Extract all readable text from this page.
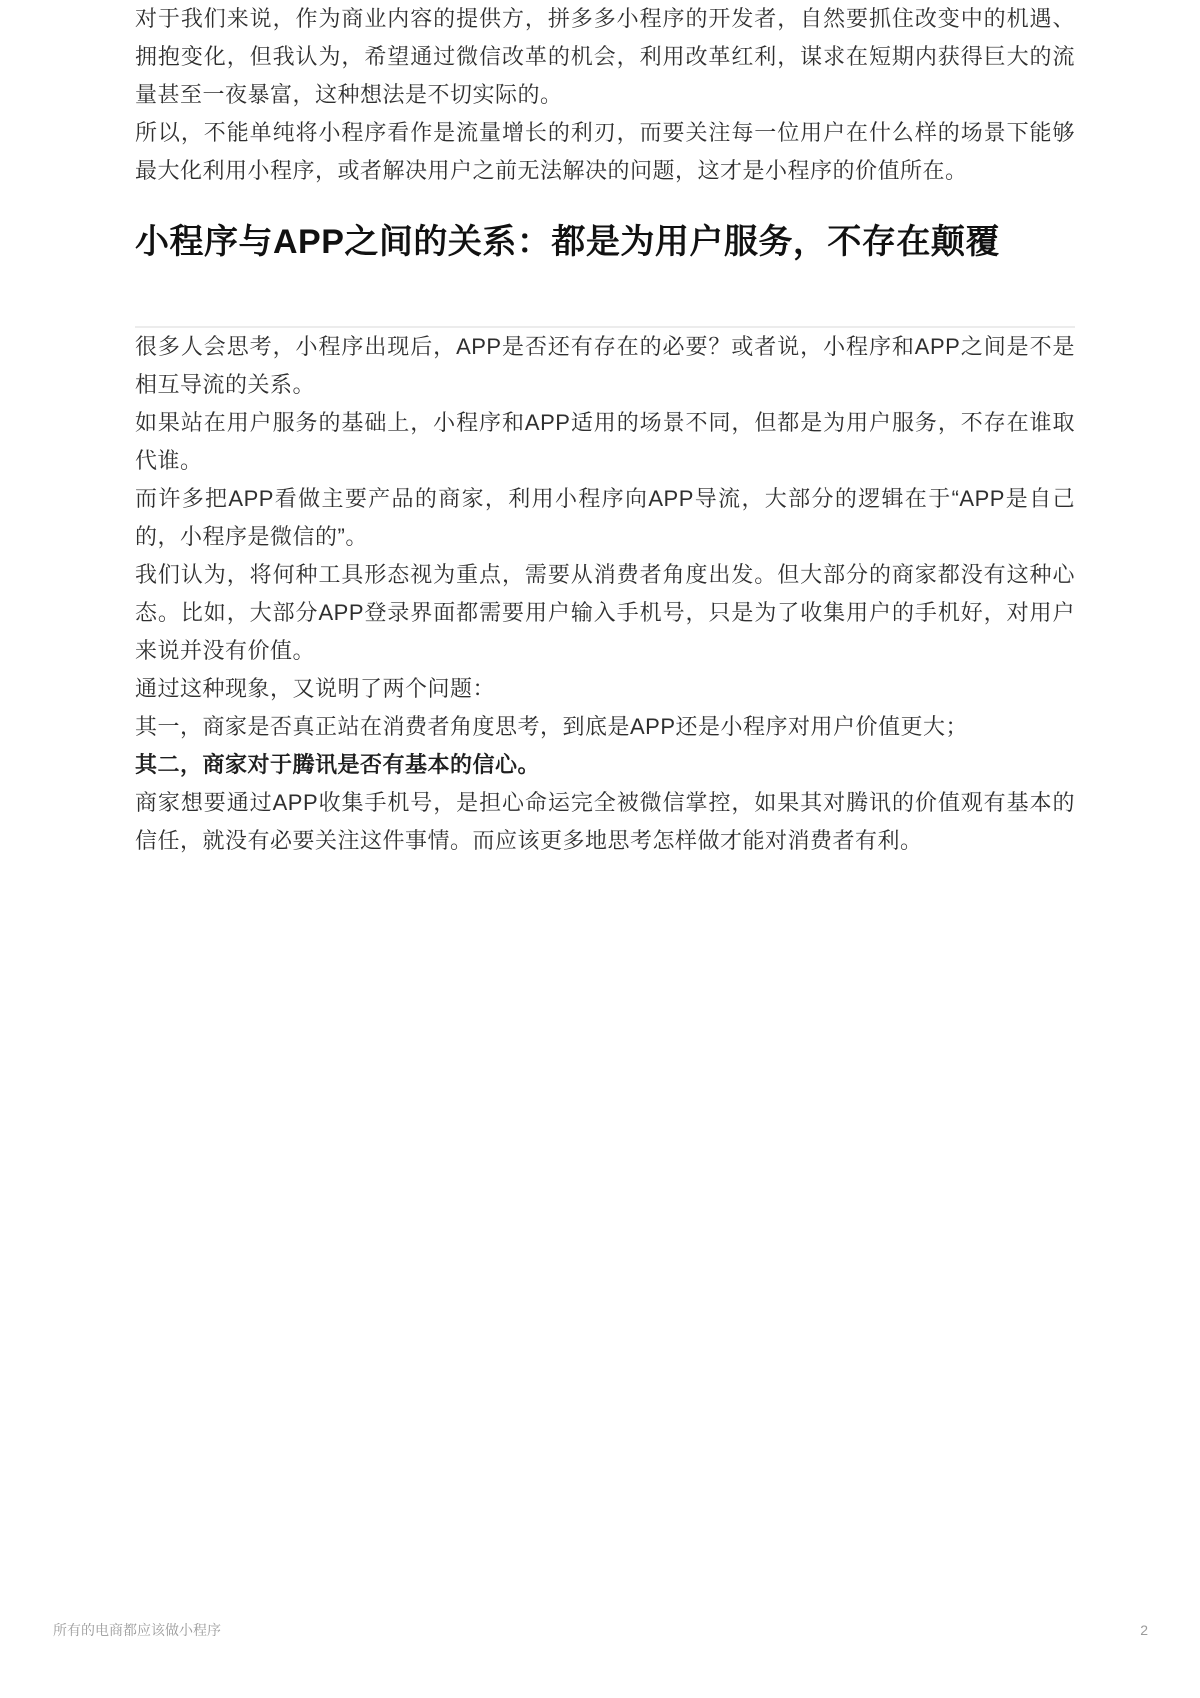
对于我们来说，作为商业内容的提供方，拼多多小程序的开发者，自然要抓住改变中的机遇、拥抱变化，但我认为，希望通过微信改革的机会，利用改革红利，谋求在短期内获得巨大的流量甚至一夜暴富，这种想法是不切实际的。

所以，不能单纯将小程序看作是流量增长的利刃，而要关注每一位用户在什么样的场景下能够最大化利用小程序，或者解决用户之前无法解决的问题，这才是小程序的价值所在。

小程序与APP之间的关系：都是为用户服务，不存在颠覆

很多人会思考，小程序出现后，APP是否还有存在的必要？或者说，小程序和APP之间是不是相互导流的关系。

如果站在用户服务的基础上，小程序和APP适用的场景不同，但都是为用户服务，不存在谁取代谁。

而许多把APP看做主要产品的商家，利用小程序向APP导流，大部分的逻辑在于“APP是自己的，小程序是微信的”。

我们认为，将何种工具形态视为重点，需要从消费者角度出发。但大部分的商家都没有这种心态。比如，大部分APP登录界面都需要用户输入手机号，只是为了收集用户的手机好，对用户来说并没有价值。

通过这种现象，又说明了两个问题：

其一，商家是否真正站在消费者角度思考，到底是APP还是小程序对用户价值更大；
其二，商家对于腾讯是否有基本的信心。

商家想要通过APP收集手机号，是担心命运完全被微信掌控，如果其对腾讯的价值观有基本的信任，就没有必要关注这件事情。而应该更多地思考怎样做才能对消费者有利。

所有的电商都应该做小程序	2
